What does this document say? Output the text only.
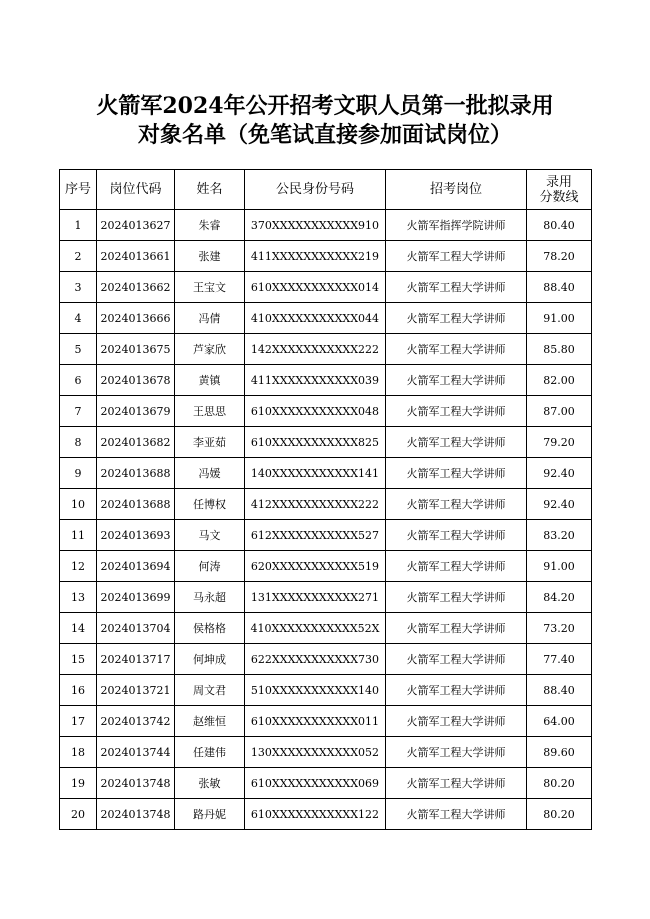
火箭军2024年公开招考文职人员第一批拟录用
对象名单（免笔试直接参加面试岗位）
序号	岗位代码	姓名	公民身份号码	招考岗位	录用
分数线

1	2024013627	朱睿	370XXXXXXXXXXX910	火箭军指挥学院讲师	80.40
2	2024013661	张建	411XXXXXXXXXXX219	火箭军工程大学讲师	78.20
3	2024013662	王宝文	610XXXXXXXXXXX014	火箭军工程大学讲师	88.40
4	2024013666	冯倩	410XXXXXXXXXXX044	火箭军工程大学讲师	91.00
5	2024013675	芦家欣	142XXXXXXXXXXX222	火箭军工程大学讲师	85.80
6	2024013678	黄镇	411XXXXXXXXXXX039	火箭军工程大学讲师	82.00
7	2024013679	王思思	610XXXXXXXXXXX048	火箭军工程大学讲师	87.00
8	2024013682	李亚茹	610XXXXXXXXXXX825	火箭军工程大学讲师	79.20
9	2024013688	冯媛	140XXXXXXXXXXX141	火箭军工程大学讲师	92.40
10	2024013688	任博权	412XXXXXXXXXXX222	火箭军工程大学讲师	92.40
11	2024013693	马文	612XXXXXXXXXXX527	火箭军工程大学讲师	83.20
12	2024013694	何涛	620XXXXXXXXXXX519	火箭军工程大学讲师	91.00
13	2024013699	马永超	131XXXXXXXXXXX271	火箭军工程大学讲师	84.20
14	2024013704	侯格格	410XXXXXXXXXXX52X	火箭军工程大学讲师	73.20
15	2024013717	何坤成	622XXXXXXXXXXX730	火箭军工程大学讲师	77.40
16	2024013721	周文君	510XXXXXXXXXXX140	火箭军工程大学讲师	88.40
17	2024013742	赵维恒	610XXXXXXXXXXX011	火箭军工程大学讲师	64.00
18	2024013744	任建伟	130XXXXXXXXXXX052	火箭军工程大学讲师	89.60
19	2024013748	张敏	610XXXXXXXXXXX069	火箭军工程大学讲师	80.20
20	2024013748	路丹妮	610XXXXXXXXXXX122	火箭军工程大学讲师	80.20
